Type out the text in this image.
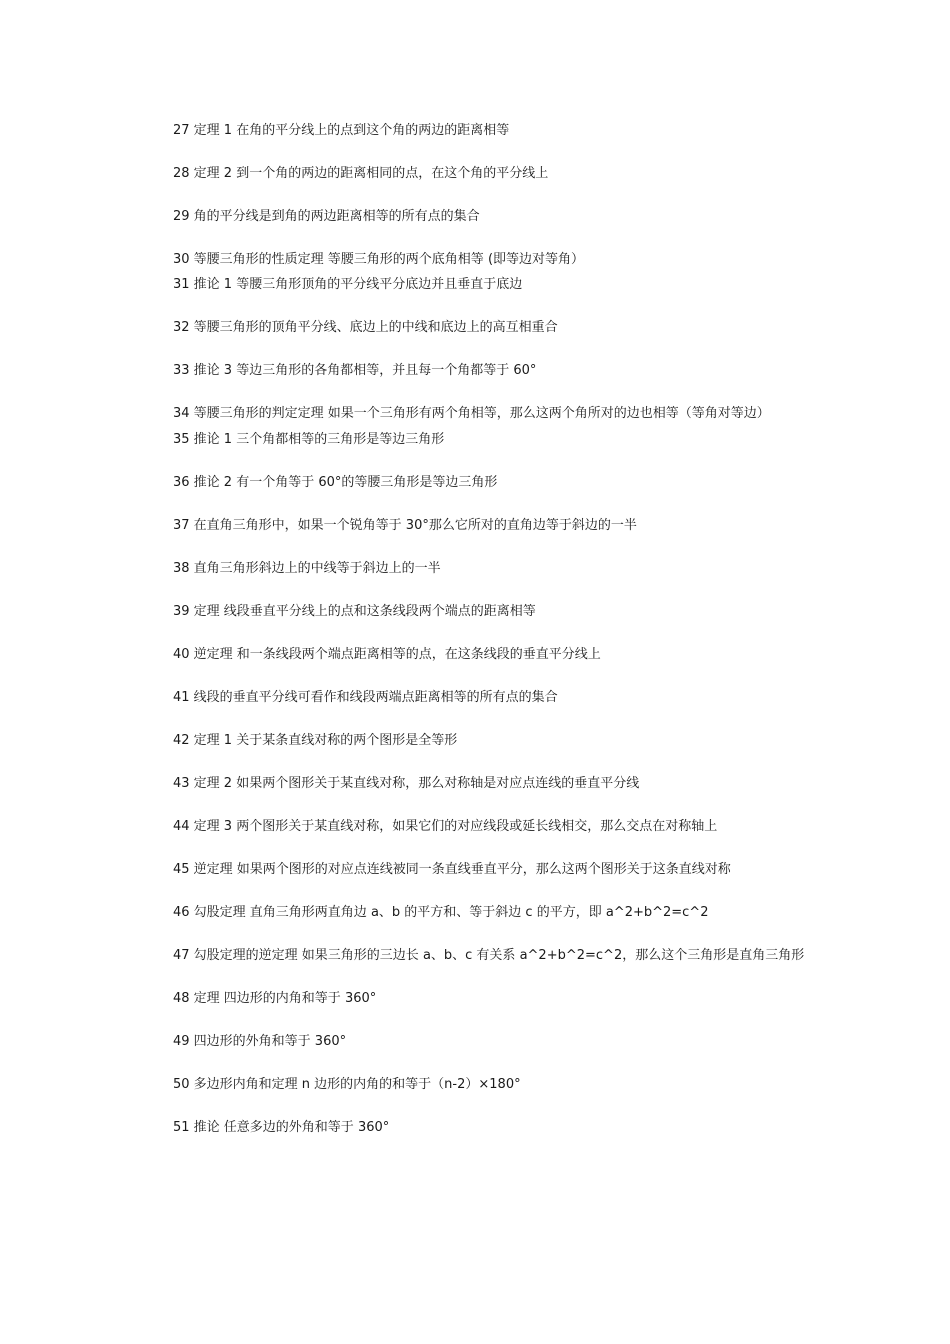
27 定理 1 在角的平分线上的点到这个角的两边的距离相等

28 定理 2 到一个角的两边的距离相同的点，在这个角的平分线上

29 角的平分线是到角的两边距离相等的所有点的集合

30 等腰三角形的性质定理 等腰三角形的两个底角相等 (即等边对等角）

31 推论 1 等腰三角形顶角的平分线平分底边并且垂直于底边

32 等腰三角形的顶角平分线、底边上的中线和底边上的高互相重合

33 推论 3 等边三角形的各角都相等，并且每一个角都等于 60°

34 等腰三角形的判定定理 如果一个三角形有两个角相等，那么这两个角所对的边也相等（等角对等边）

35 推论 1 三个角都相等的三角形是等边三角形

36 推论 2 有一个角等于 60°的等腰三角形是等边三角形

37 在直角三角形中，如果一个锐角等于 30°那么它所对的直角边等于斜边的一半

38 直角三角形斜边上的中线等于斜边上的一半

39 定理 线段垂直平分线上的点和这条线段两个端点的距离相等

40 逆定理 和一条线段两个端点距离相等的点，在这条线段的垂直平分线上

41 线段的垂直平分线可看作和线段两端点距离相等的所有点的集合

42 定理 1 关于某条直线对称的两个图形是全等形

43 定理 2 如果两个图形关于某直线对称，那么对称轴是对应点连线的垂直平分线

44 定理 3 两个图形关于某直线对称，如果它们的对应线段或延长线相交，那么交点在对称轴上

45 逆定理 如果两个图形的对应点连线被同一条直线垂直平分，那么这两个图形关于这条直线对称

46 勾股定理 直角三角形两直角边 a、b 的平方和、等于斜边 c 的平方，即 a^2+b^2=c^2

47 勾股定理的逆定理 如果三角形的三边长 a、b、c 有关系 a^2+b^2=c^2，那么这个三角形是直角三角形

48 定理 四边形的内角和等于 360°

49 四边形的外角和等于 360°

50 多边形内角和定理 n 边形的内角的和等于（n-2）×180°

51 推论 任意多边的外角和等于 360°
